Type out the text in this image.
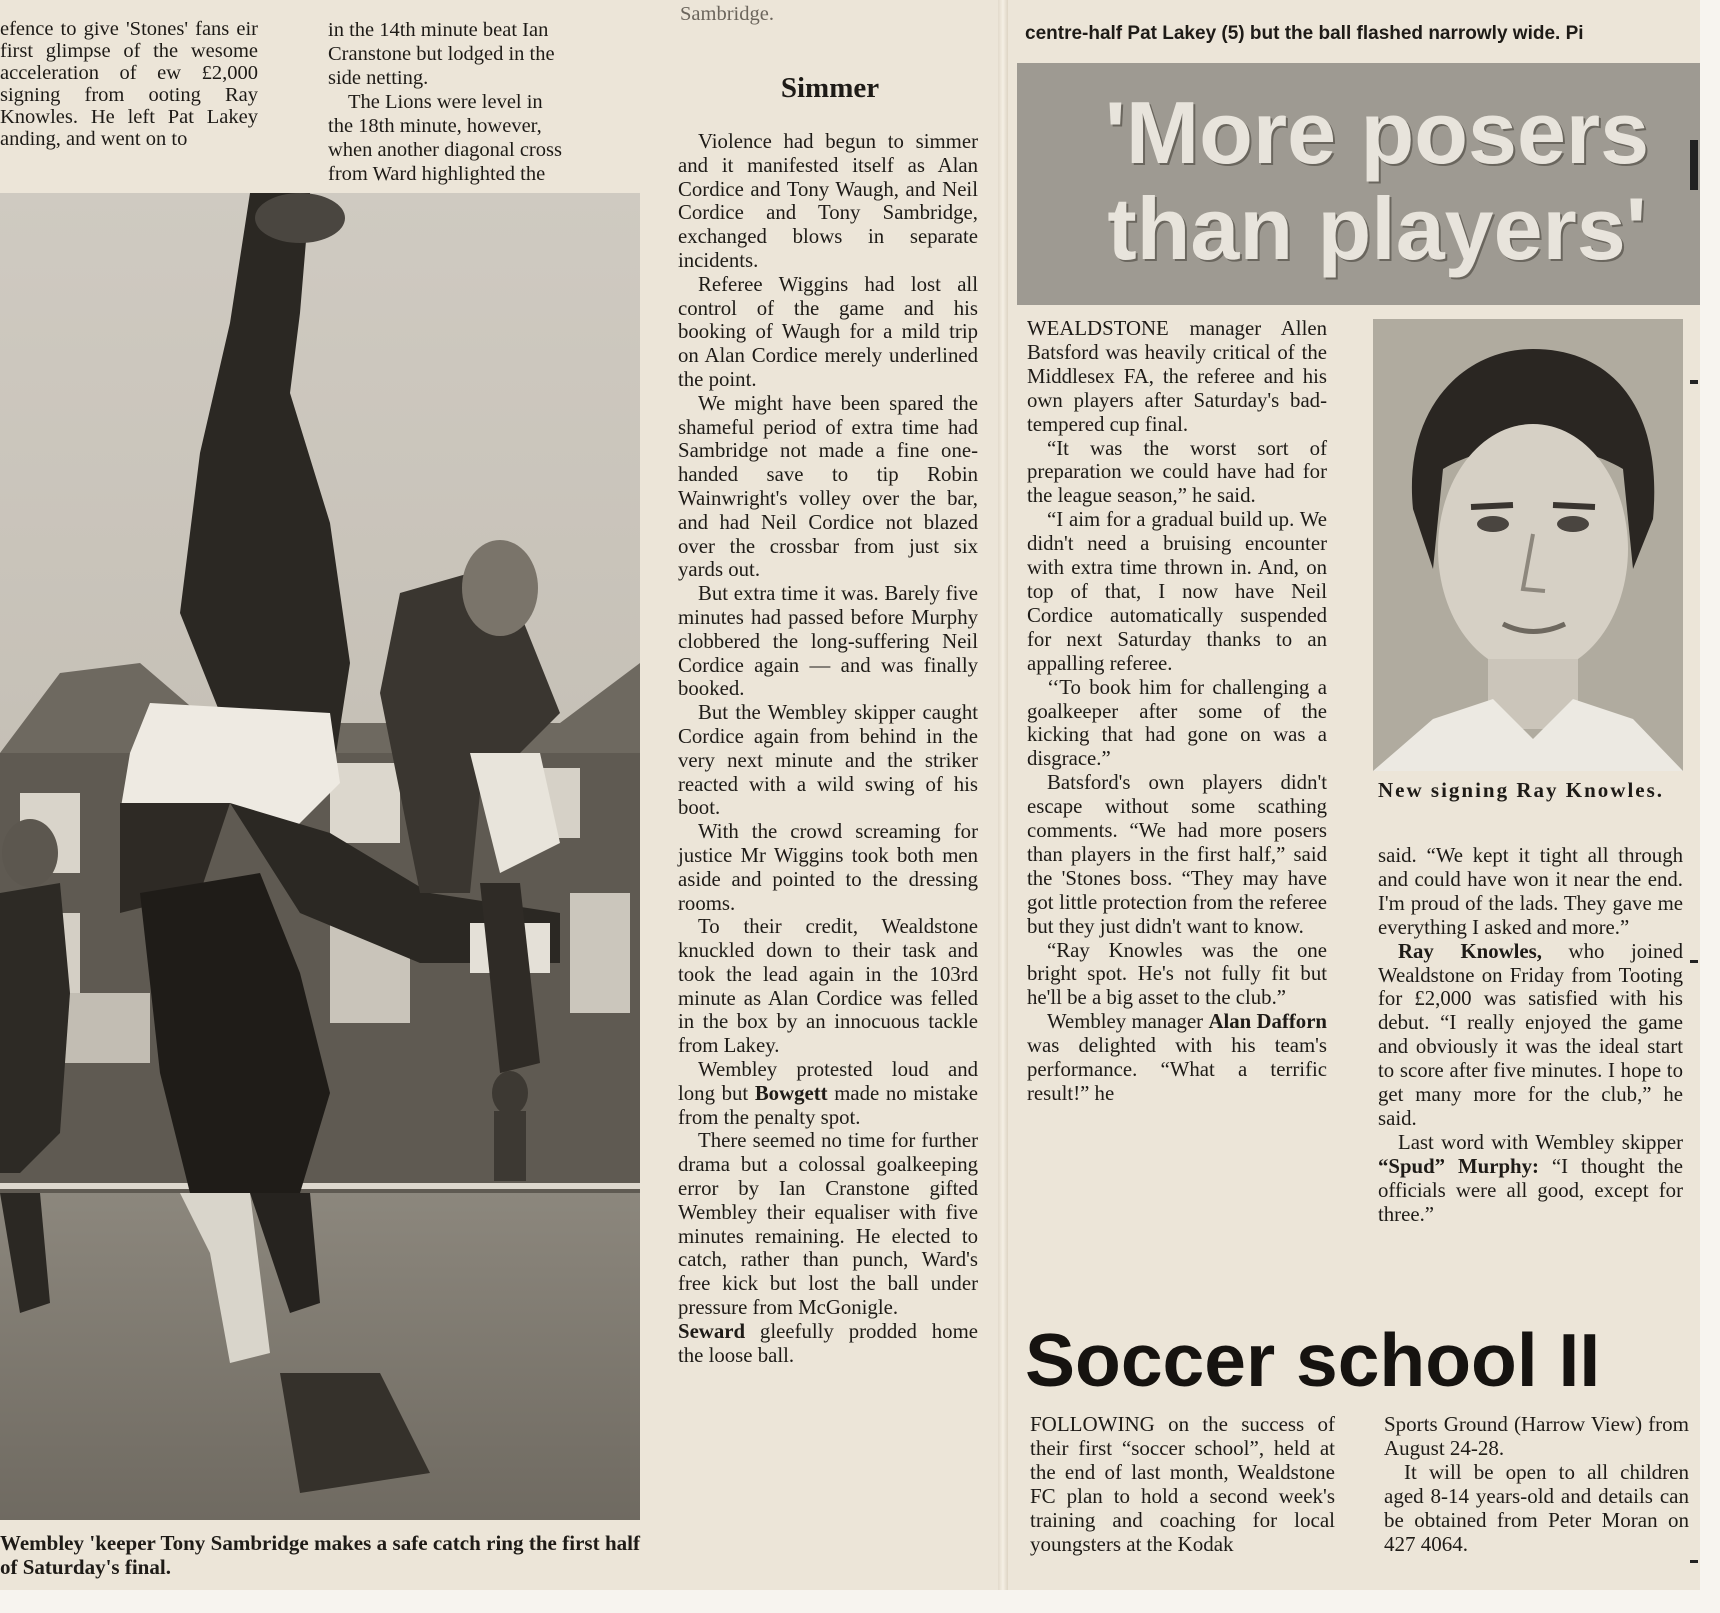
efence to give 'Stones' fans eir first glimpse of the wesome acceleration of ew £2,000 signing from ooting Ray Knowles. He left Pat Lakey anding, and went on to

in the 14th minute beat Ian
Cranstone but lodged in the
side netting.
The Lions were level in
the 18th minute, however,
when another diagonal cross
from Ward highlighted the
Wembley 'keeper Tony Sambridge makes a safe catch ring the first half of Saturday's final.
Sambridge.
Simmer

Violence had begun to simmer and it manifested itself as Alan Cordice and Tony Waugh, and Neil Cordice and Tony Sambridge, exchanged blows in separate incidents.

Referee Wiggins had lost all control of the game and his booking of Waugh for a mild trip on Alan Cordice merely underlined the point.

We might have been spared the shameful period of extra time had Sambridge not made a fine one-handed save to tip Robin Wainwright's volley over the bar, and had Neil Cordice not blazed over the crossbar from just six yards out.

But extra time it was. Barely five minutes had passed before Murphy clobbered the long-suffering Neil Cordice again — and was finally booked.

But the Wembley skipper caught Cordice again from behind in the very next minute and the striker reacted with a wild swing of his boot.

With the crowd screaming for justice Mr Wiggins took both men aside and pointed to the dressing rooms.

To their credit, Wealdstone knuckled down to their task and took the lead again in the 103rd minute as Alan Cordice was felled in the box by an innocuous tackle from Lakey.

Wembley protested loud and long but Bowgett made no mistake from the penalty spot.

There seemed no time for further drama but a colossal goalkeeping error by Ian Cranstone gifted Wembley their equaliser with five minutes remaining. He elected to catch, rather than punch, Ward's free kick but lost the ball under pressure from McGonigle.

Seward gleefully prodded home the loose ball.

centre-half Pat Lakey (5) but the ball flashed narrowly wide. Pi
'More posers
than players'

WEALDSTONE manager Allen Batsford was heavily critical of the Middlesex FA, the referee and his own players after Saturday's bad-tempered cup final.

“It was the worst sort of preparation we could have had for the league season,” he said.

“I aim for a gradual build up. We didn't need a bruising encounter with extra time thrown in. And, on top of that, I now have Neil Cordice automatically suspended for next Saturday thanks to an appalling referee.

‘‘To book him for challenging a goalkeeper after some of the kicking that had gone on was a disgrace.”

Batsford's own players didn't escape without some scathing comments. “We had more posers than players in the first half,” said the 'Stones boss. “They may have got little protection from the referee but they just didn't want to know.

“Ray Knowles was the one bright spot. He's not fully fit but he'll be a big asset to the club.”

Wembley manager Alan Dafforn was delighted with his team's performance. “What a terrific result!” he

New signing Ray Knowles.

said. “We kept it tight all through and could have won it near the end. I'm proud of the lads. They gave me everything I asked and more.”

Ray Knowles, who joined Wealdstone on Friday from Tooting for £2,000 was satisfied with his debut. “I really enjoyed the game and obviously it was the ideal start to score after five minutes. I hope to get many more for the club,” he said.

Last word with Wembley skipper “Spud” Murphy: “I thought the officials were all good, except for three.”

Soccer school II

FOLLOWING on the success of their first “soccer school”, held at the end of last month, Wealdstone FC plan to hold a second week's training and coaching for local youngsters at the Kodak

Sports Ground (Harrow View) from August 24-28.

It will be open to all children aged 8-14 years-old and details can be obtained from Peter Moran on 427 4064.
